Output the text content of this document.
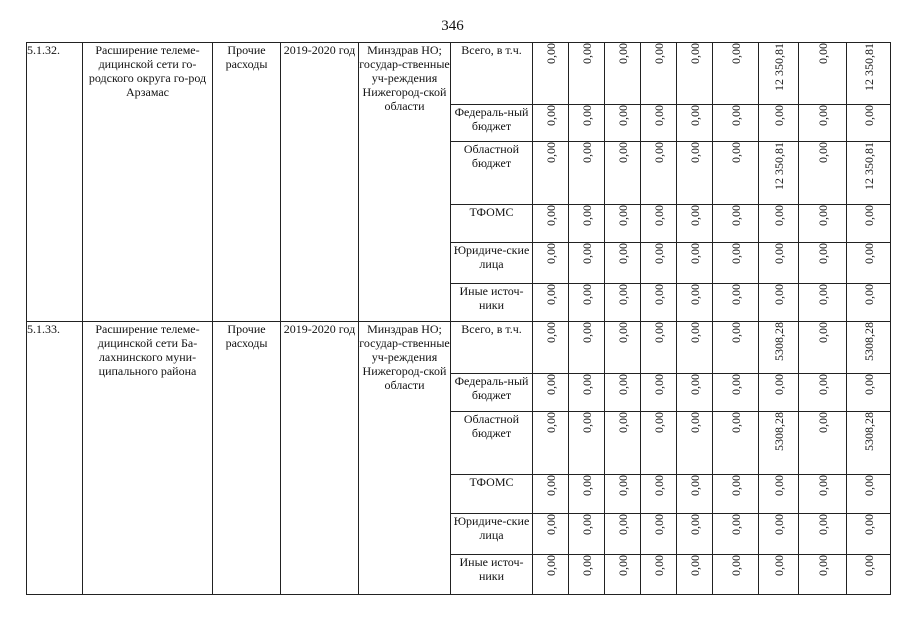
346
5.1.32.	Расширение телеме-дицинской сети го-родского округа го-род Арзамас	Прочие расходы	2019-2020 год	Минздрав НО; государ-ственные уч-реждения Нижегород-ской области	Всего, в т.ч.	0,00	0,00	0,00	0,00	0,00	0,00	12 350,81	0,00	12 350,81
					Федераль-ный бюджет	0,00	0,00	0,00	0,00	0,00	0,00	0,00	0,00	0,00
					Областной бюджет	0,00	0,00	0,00	0,00	0,00	0,00	12 350,81	0,00	12 350,81
					ТФОМС	0,00	0,00	0,00	0,00	0,00	0,00	0,00	0,00	0,00
					Юридиче-ские лица	0,00	0,00	0,00	0,00	0,00	0,00	0,00	0,00	0,00
					Иные источ-ники	0,00	0,00	0,00	0,00	0,00	0,00	0,00	0,00	0,00
5.1.33.	Расширение телеме-дицинской сети Ба-лахнинского муни-ципального района	Прочие расходы	2019-2020 год	Минздрав НО; государ-ственные уч-реждения Нижегород-ской области	Всего, в т.ч.	0,00	0,00	0,00	0,00	0,00	0,00	5308,28	0,00	5308,28
					Федераль-ный бюджет	0,00	0,00	0,00	0,00	0,00	0,00	0,00	0,00	0,00
					Областной бюджет	0,00	0,00	0,00	0,00	0,00	0,00	5308,28	0,00	5308,28
					ТФОМС	0,00	0,00	0,00	0,00	0,00	0,00	0,00	0,00	0,00
					Юридиче-ские лица	0,00	0,00	0,00	0,00	0,00	0,00	0,00	0,00	0,00
					Иные источ-ники	0,00	0,00	0,00	0,00	0,00	0,00	0,00	0,00	0,00
